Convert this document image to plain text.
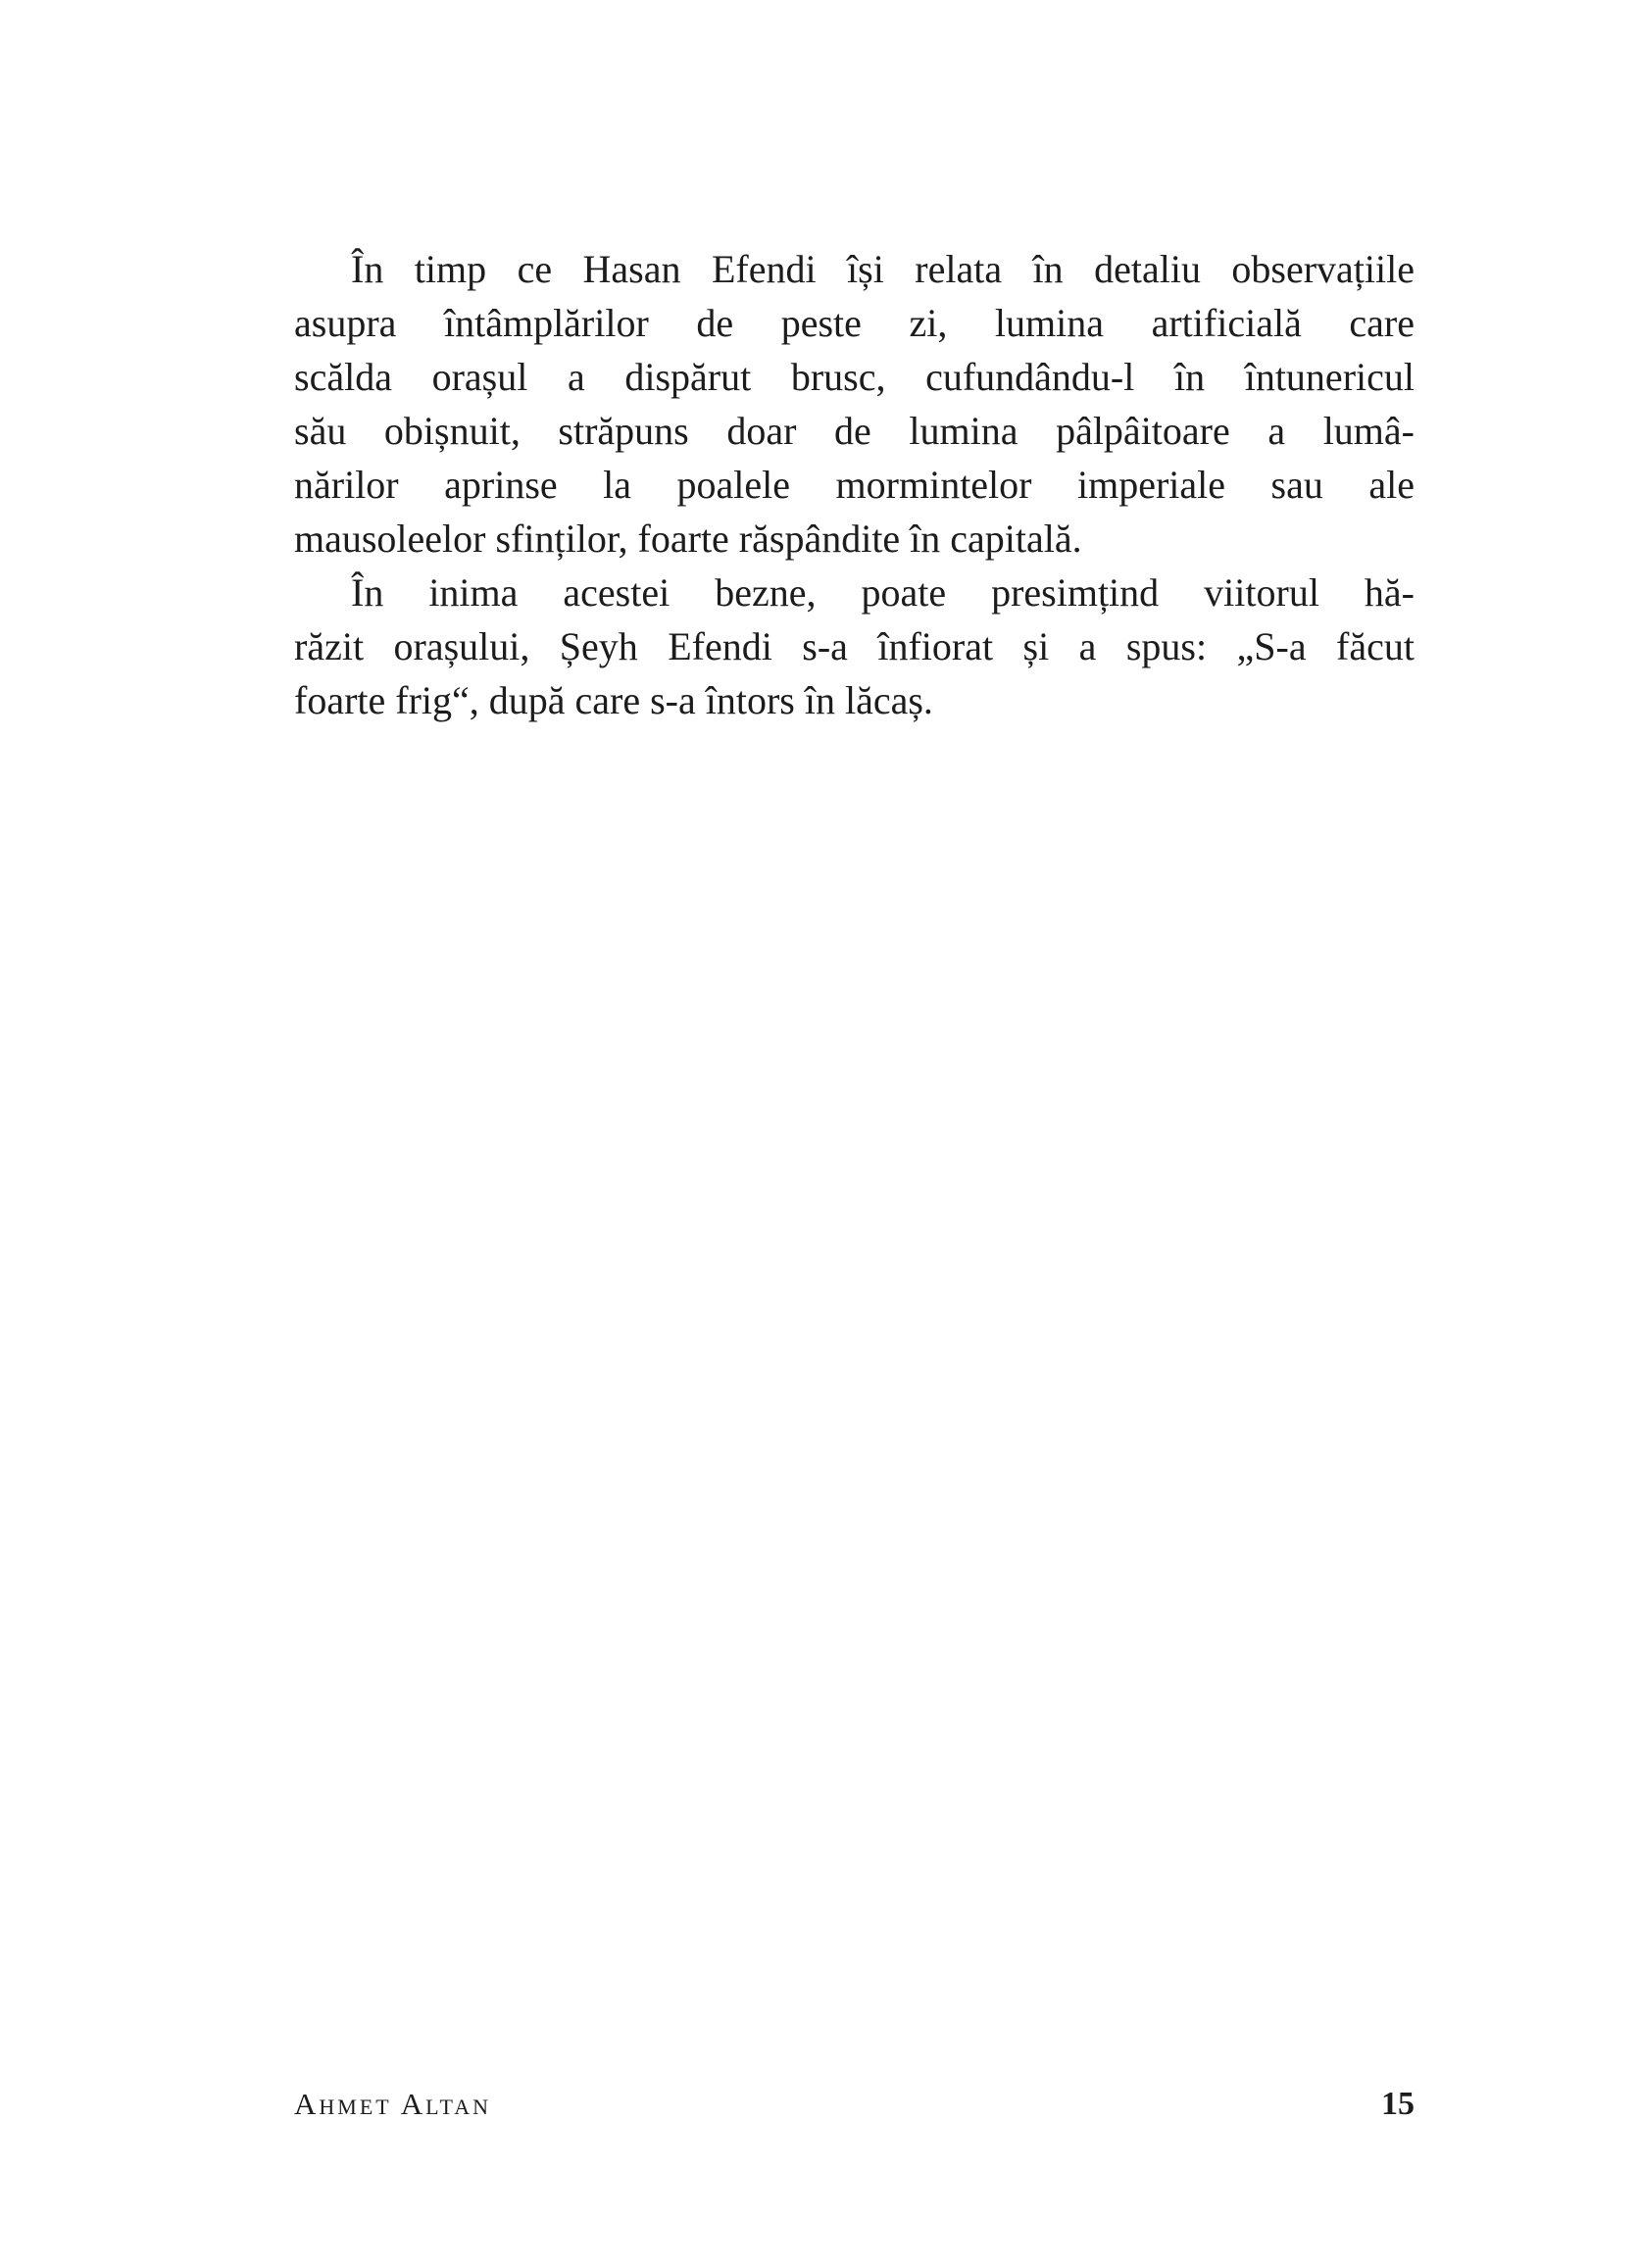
În timp ce Hasan Efendi își relata în detaliu observațiile
asupra întâmplărilor de peste zi, lumina artificială care
scălda orașul a dispărut brusc, cufundându-l în întunericul
său obișnuit, străpuns doar de lumina pâlpâitoare a lumâ-
nărilor aprinse la poalele mormintelor imperiale sau ale
mausoleelor sfinților, foarte răspândite în capitală.
În inima acestei bezne, poate presimțind viitorul hă-
răzit orașului, Șeyh Efendi s-a înfiorat și a spus: „S-a făcut
foarte frig“, după care s-a întors în lăcaș.
Ahmet Altan	15
